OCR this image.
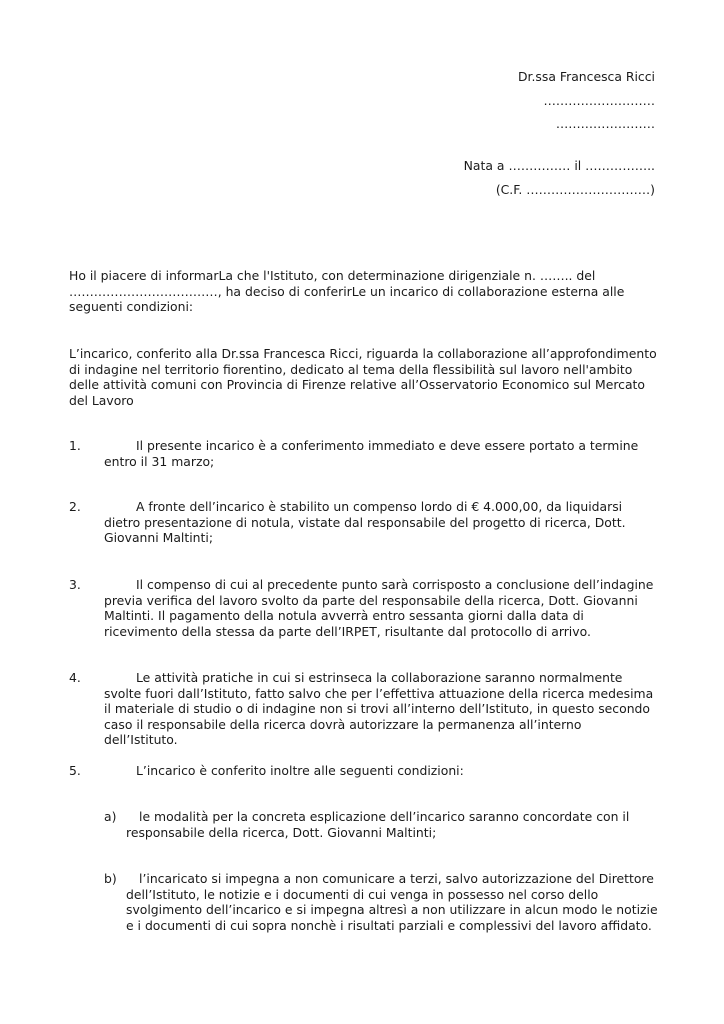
Dr.ssa Francesca Ricci
………………………
……………………
Nata a …………… il ……………..
(C.F. …………………………)
Ho il piacere di informarLa che l'Istituto, con determinazione dirigenziale n. …….. del ………………………………, ha deciso di conferirLe un incarico di collaborazione esterna alle seguenti condizioni:
L’incarico, conferito alla Dr.ssa Francesca Ricci, riguarda la collaborazione all’approfondimento di indagine nel territorio fiorentino, dedicato al tema della flessibilità sul lavoro nell'ambito delle attività comuni con Provincia di Firenze relative all’Osservatorio Economico sul Mercato del Lavoro
1.	Il presente incarico è a conferimento immediato e deve essere portato a termine entro il 31 marzo;
2.	A fronte dell’incarico è stabilito un compenso lordo di € 4.000,00, da liquidarsi dietro presentazione di notula, vistate dal responsabile del progetto di ricerca, Dott. Giovanni Maltinti;
3.	Il compenso di cui al precedente punto sarà corrisposto a conclusione dell’indagine previa verifica del lavoro svolto da parte del responsabile della ricerca, Dott. Giovanni Maltinti. Il pagamento della notula avverrà entro sessanta giorni dalla data di ricevimento della stessa da parte dell’IRPET, risultante dal protocollo di arrivo.
4.	Le attività pratiche in cui si estrinseca la collaborazione saranno normalmente svolte fuori dall’Istituto, fatto salvo che per l’effettiva attuazione della ricerca medesima il materiale di studio o di indagine non si trovi all’interno dell’Istituto, in questo secondo caso il responsabile della ricerca dovrà autorizzare la permanenza all’interno dell’Istituto.
5.	L’incarico è conferito inoltre alle seguenti condizioni:
a)	le modalità per la concreta esplicazione dell’incarico saranno concordate con il responsabile della ricerca, Dott. Giovanni Maltinti;
b)	l’incaricato si impegna a non comunicare a terzi, salvo autorizzazione del Direttore dell’Istituto, le notizie e i documenti di cui venga in possesso nel corso dello svolgimento dell’incarico e si impegna altresì a non utilizzare in alcun modo le notizie e i documenti di cui sopra nonchè i risultati parziali e complessivi del lavoro affidato.
